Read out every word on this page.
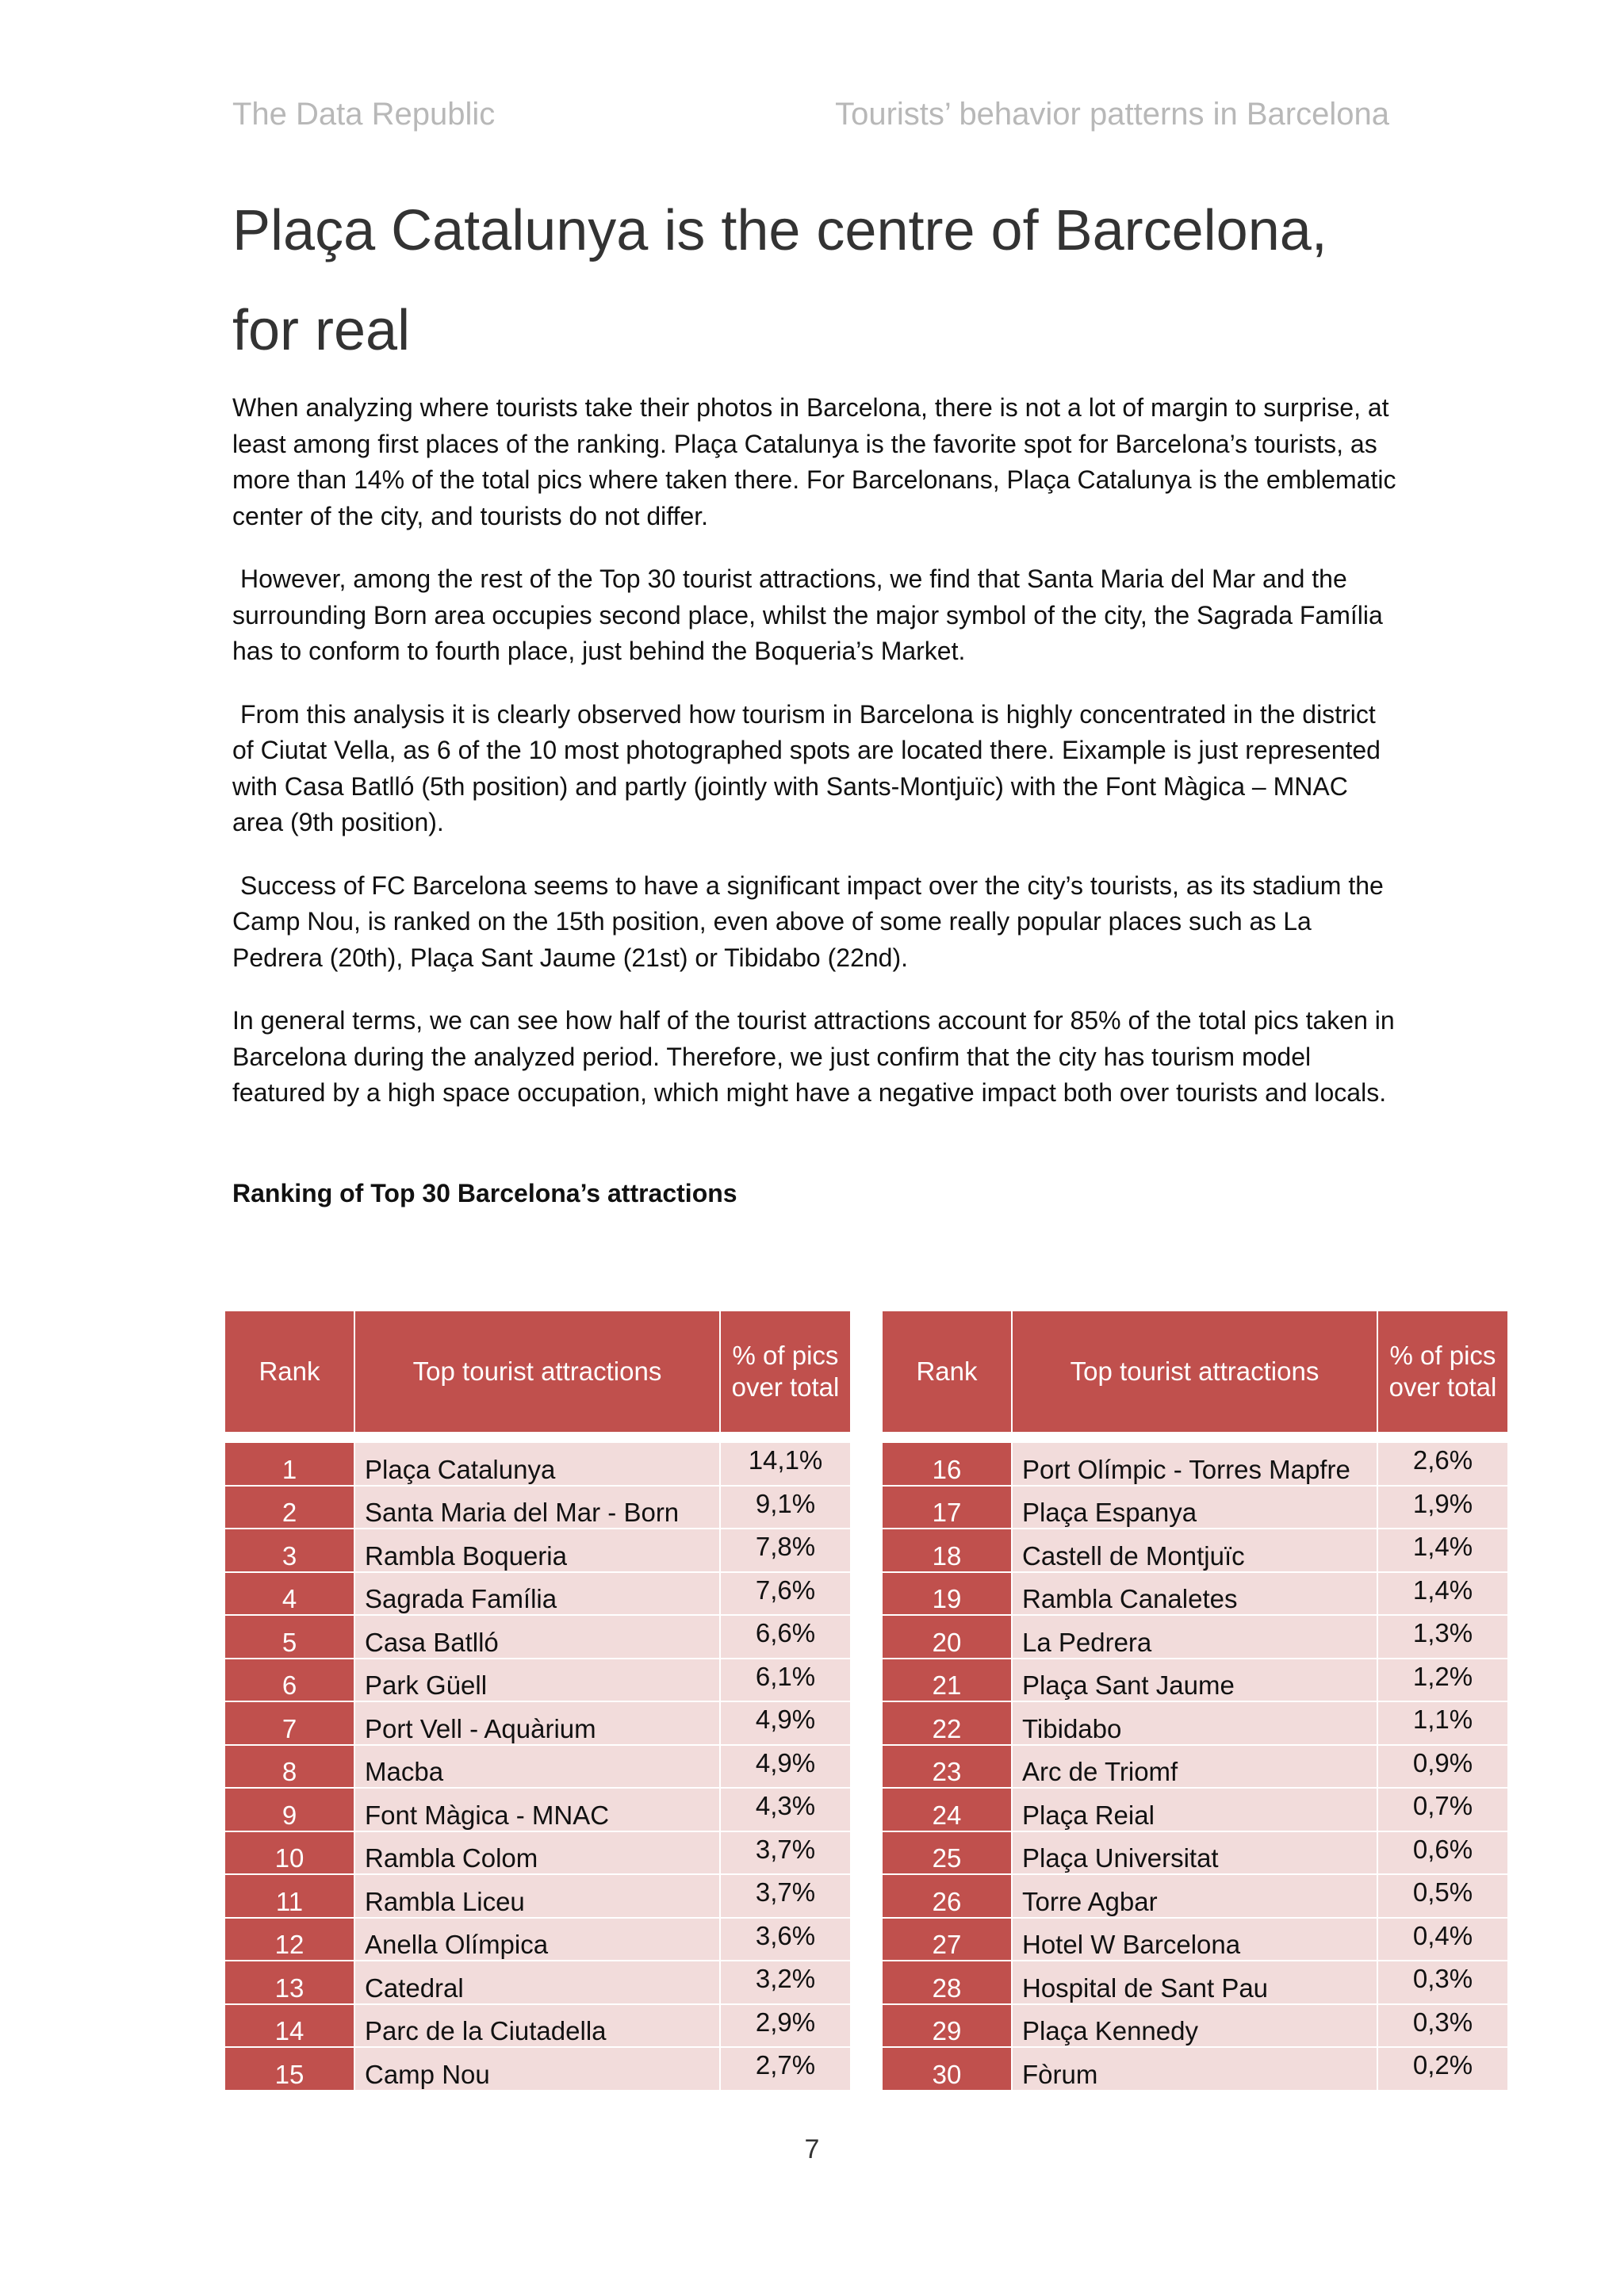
The Data Republic	Tourists’ behavior patterns in Barcelona
Plaça Catalunya is the centre of Barcelona, for real

When analyzing where tourists take their photos in Barcelona, there is not a lot of margin to surprise, at least among first places of the ranking. Plaça Catalunya is the favorite spot for Barcelona’s tourists, as more than 14% of the total pics where taken there. For Barcelonans, Plaça Catalunya is the emblematic center of the city, and tourists do not differ.

However, among the rest of the Top 30 tourist attractions, we find that Santa Maria del Mar and the surrounding Born area occupies second place, whilst the major symbol of the city, the Sagrada Família has to conform to fourth place, just behind the Boqueria’s Market.

From this analysis it is clearly observed how tourism in Barcelona is highly concentrated in the district of Ciutat Vella, as 6 of the 10 most photographed spots are located there. Eixample is just represented with Casa Batlló (5th position) and partly (jointly with Sants-Montjuïc) with the Font Màgica – MNAC area (9th position).

Success of FC Barcelona seems to have a significant impact over the city’s tourists, as its stadium the Camp Nou, is ranked on the 15th position, even above of some really popular places such as La Pedrera (20th), Plaça Sant Jaume (21st) or Tibidabo (22nd).

In general terms, we can see how half of the tourist attractions account for 85% of the total pics taken in Barcelona during the analyzed period. Therefore, we just confirm that the city has tourism model featured by a high space occupation, which might have a negative impact both over tourists and locals.

Ranking of Top 30 Barcelona’s attractions
Rank	Top tourist attractions	% of pics over total

1	Plaça Catalunya	14,1%
2	Santa Maria del Mar - Born	9,1%
3	Rambla Boqueria	7,8%
4	Sagrada Família	7,6%
5	Casa Batlló	6,6%
6	Park Güell	6,1%
7	Port Vell - Aquàrium	4,9%
8	Macba	4,9%
9	Font Màgica - MNAC	4,3%
10	Rambla Colom	3,7%
11	Rambla Liceu	3,7%
12	Anella Olímpica	3,6%
13	Catedral	3,2%
14	Parc de la Ciutadella	2,9%
15	Camp Nou	2,7%
Rank	Top tourist attractions	% of pics over total

16	Port Olímpic - Torres Mapfre	2,6%
17	Plaça Espanya	1,9%
18	Castell de Montjuïc	1,4%
19	Rambla Canaletes	1,4%
20	La Pedrera	1,3%
21	Plaça Sant Jaume	1,2%
22	Tibidabo	1,1%
23	Arc de Triomf	0,9%
24	Plaça Reial	0,7%
25	Plaça Universitat	0,6%
26	Torre Agbar	0,5%
27	Hotel W Barcelona	0,4%
28	Hospital de Sant Pau	0,3%
29	Plaça Kennedy	0,3%
30	Fòrum	0,2%
7
